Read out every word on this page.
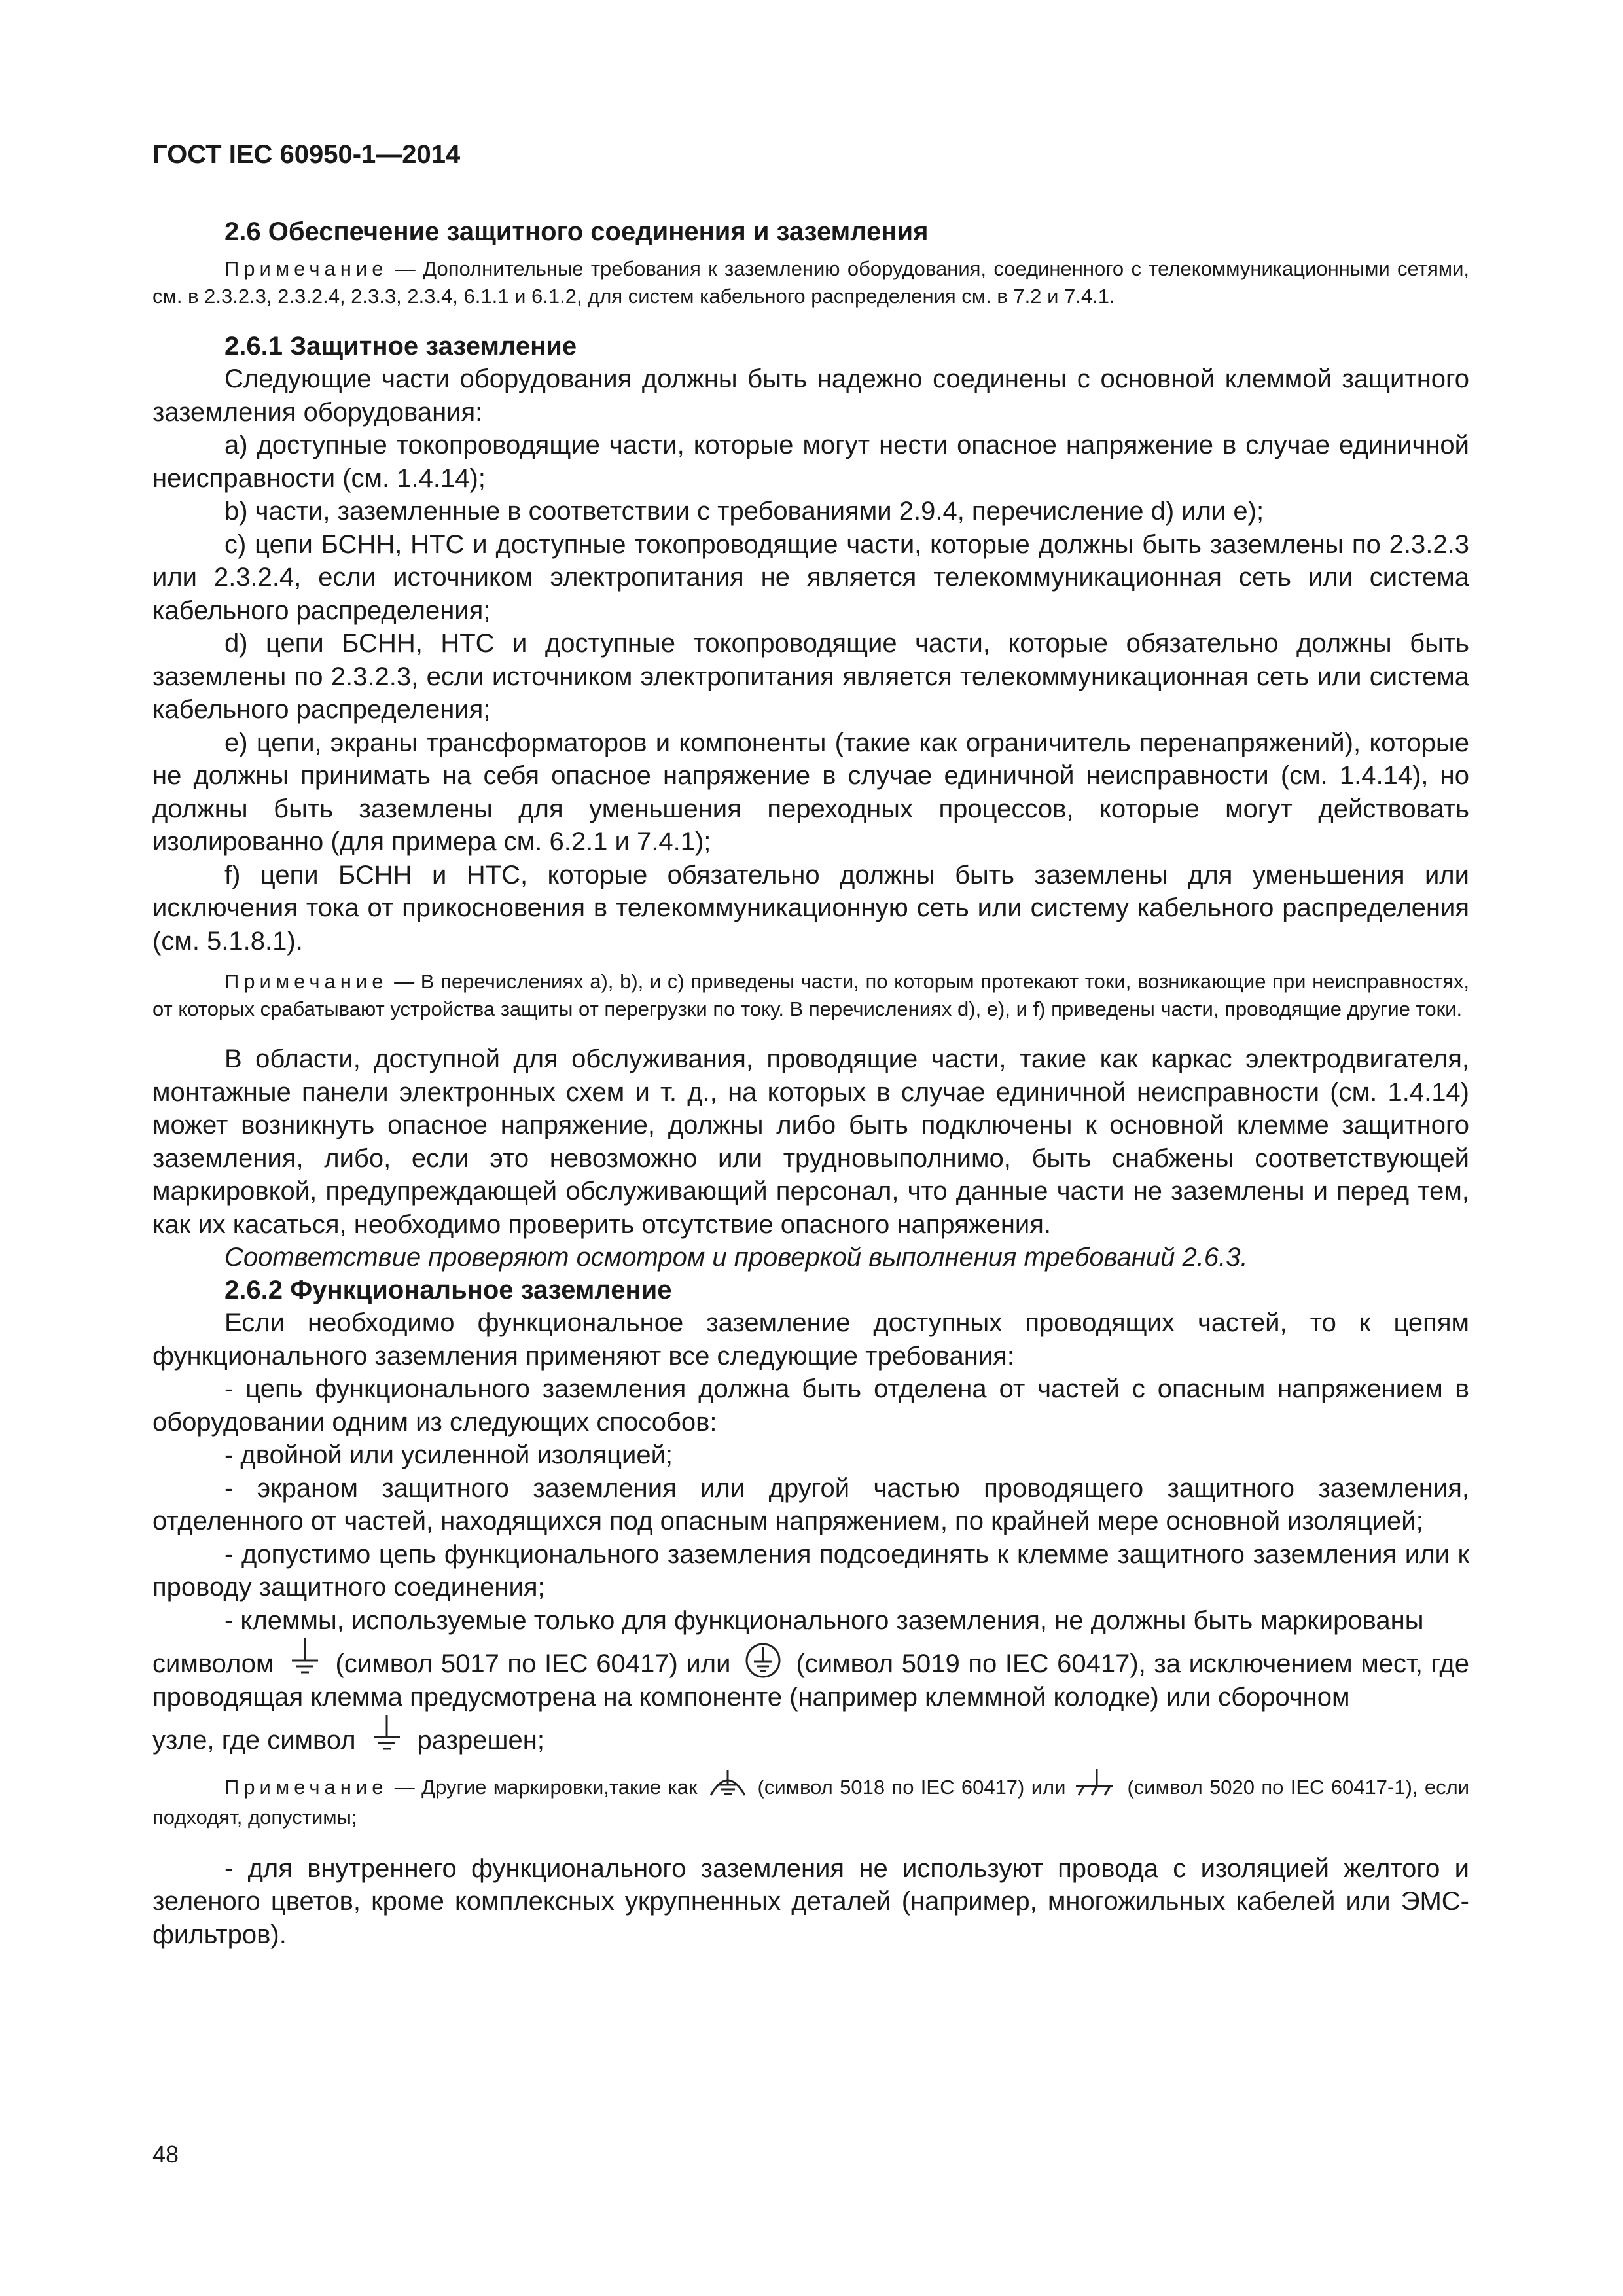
ГОСТ IEC 60950-1—2014
2.6 Обеспечение защитного соединения и заземления
Примечание — Дополнительные требования к заземлению оборудования, соединенного с телекоммуникационными сетями, см. в 2.3.2.3, 2.3.2.4, 2.3.3, 2.3.4, 6.1.1 и 6.1.2, для систем кабельного распределения см. в 7.2 и 7.4.1.
2.6.1 Защитное заземление

Следующие части оборудования должны быть надежно соединены с основной клеммой защитного заземления оборудования:

a) доступные токопроводящие части, которые могут нести опасное напряжение в случае единичной неисправности (см. 1.4.14);

b) части, заземленные в соответствии с требованиями 2.9.4, перечисление d) или e);

c) цепи БСНН, НТС и доступные токопроводящие части, которые должны быть заземлены по 2.3.2.3 или 2.3.2.4, если источником электропитания не является телекоммуникационная сеть или система кабельного распределения;

d) цепи БСНН, НТС и доступные токопроводящие части, которые обязательно должны быть заземлены по 2.3.2.3, если источником электропитания является телекоммуникационная сеть или система кабельного распределения;

e) цепи, экраны трансформаторов и компоненты (такие как ограничитель перенапряжений), которые не должны принимать на себя опасное напряжение в случае единичной неисправности (см. 1.4.14), но должны быть заземлены для уменьшения переходных процессов, которые могут действовать изолированно (для примера см. 6.2.1 и 7.4.1);

f) цепи БСНН и НТС, которые обязательно должны быть заземлены для уменьшения или исключения тока от прикосновения в телекоммуникационную сеть или систему кабельного распределения (см. 5.1.8.1).

Примечание — В перечислениях a), b), и c) приведены части, по которым протекают токи, возникающие при неисправностях, от которых срабатывают устройства защиты от перегрузки по току. В перечислениях d), e), и f) приведены части, проводящие другие токи.

В области, доступной для обслуживания, проводящие части, такие как каркас электродвигателя, монтажные панели электронных схем и т. д., на которых в случае единичной неисправности (см. 1.4.14) может возникнуть опасное напряжение, должны либо быть подключены к основной клемме защитного заземления, либо, если это невозможно или трудновыполнимо, быть снабжены соответствующей маркировкой, предупреждающей обслуживающий персонал, что данные части не заземлены и перед тем, как их касаться, необходимо проверить отсутствие опасного напряжения.

Соответствие проверяют осмотром и проверкой выполнения требований 2.6.3.

2.6.2 Функциональное заземление

Если необходимо функциональное заземление доступных проводящих частей, то к цепям функционального заземления применяют все следующие требования:

- цепь функционального заземления должна быть отделена от частей с опасным напряжением в оборудовании одним из следующих способов:

- двойной или усиленной изоляцией;

- экраном защитного заземления или другой частью проводящего защитного заземления, отделенного от частей, находящихся под опасным напряжением, по крайней мере основной изоляцией;

- допустимо цепь функционального заземления подсоединять к клемме защитного заземления или к проводу защитного соединения;

- клеммы, используемые только для функционального заземления, не должны быть маркированы

символом (символ 5017 по IEC 60417) или	(символ 5019 по IEC 60417), за исключением мест, где проводящая клемма предусмотрена на компоненте (например клеммной колодке) или сборочном

узле, где символ разрешен;

Примечание — Другие маркировки,такие как	(символ 5018 по IEC 60417) или	(символ 5020 по IEC 60417-1), если подходят, допустимы;

- для внутреннего функционального заземления не используют провода с изоляцией желтого и зеленого цветов, кроме комплексных укрупненных деталей (например, многожильных кабелей или ЭМС-фильтров).

48
